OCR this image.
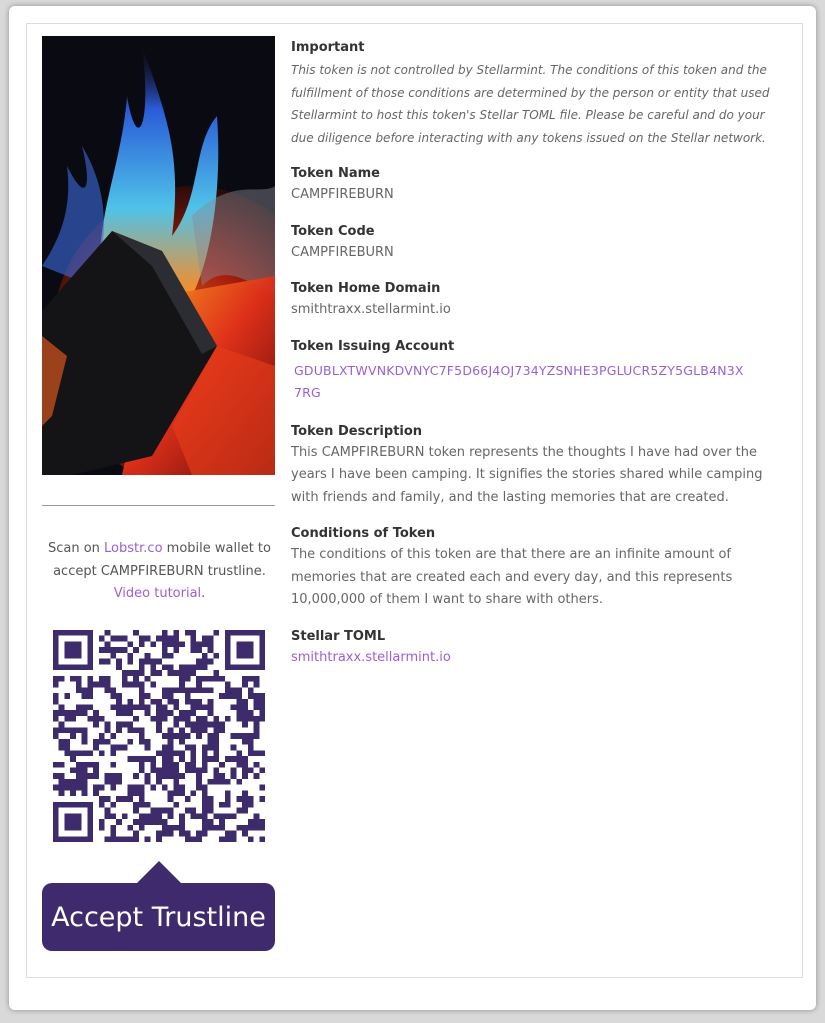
Scan on Lobstr.co mobile wallet to accept CAMPFIREBURN trustline. Video tutorial.
Accept Trustline

Important

This token is not controlled by Stellarmint. The conditions of this token and the fulfillment of those conditions are determined by the person or entity that used Stellarmint to host this token's Stellar TOML file. Please be careful and do your due diligence before interacting with any tokens issued on the Stellar network.

Token Name

CAMPFIREBURN

Token Code

CAMPFIREBURN

Token Home Domain

smithtraxx.stellarmint.io

Token Issuing Account

GDUBLXTWVNKDVNYC7F5D66J4OJ734YZSNHE3PGLUCR5ZY5GLB4N3X
7RG

Token Description

This CAMPFIREBURN token represents the thoughts I have had over the years I have been camping. It signifies the stories shared while camping with friends and family, and the lasting memories that are created.

Conditions of Token

The conditions of this token are that there are an infinite amount of memories that are created each and every day, and this represents 10,000,000 of them I want to share with others.

Stellar TOML

smithtraxx.stellarmint.io
